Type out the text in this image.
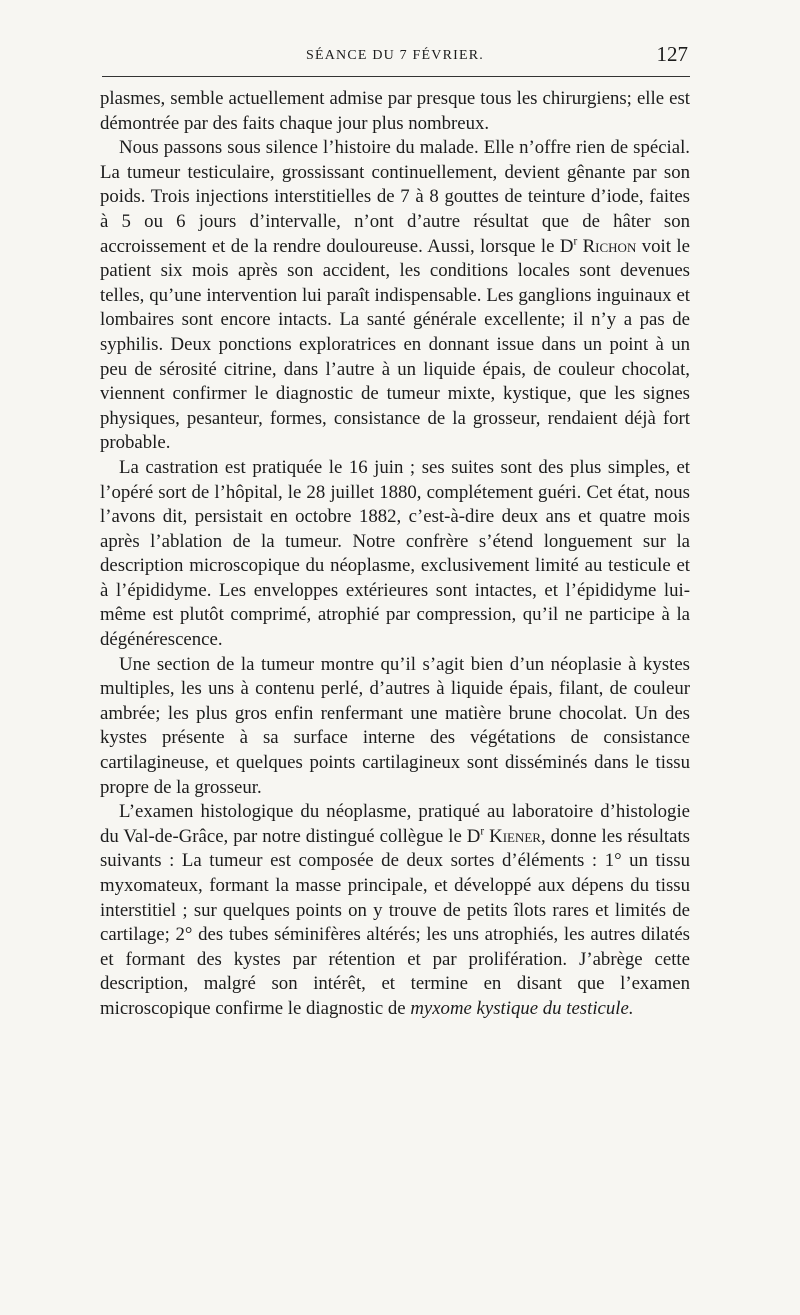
SÉANCE DU 7 FÉVRIER.	127

plasmes, semble actuellement admise par presque tous les chirurgiens; elle est démontrée par des faits chaque jour plus nombreux.

Nous passons sous silence l’histoire du malade. Elle n’offre rien de spécial. La tumeur testiculaire, grossissant continuellement, devient gênante par son poids. Trois injections interstitielles de 7 à 8 gouttes de teinture d’iode, faites à 5 ou 6 jours d’intervalle, n’ont d’autre résultat que de hâter son accroissement et de la rendre douloureuse. Aussi, lorsque le $D^r$ Richon voit le patient six mois après son accident, les conditions locales sont devenues telles, qu’une intervention lui paraît indispensable. Les ganglions inguinaux et lombaires sont encore intacts. La santé générale excellente; il n’y a pas de syphilis. Deux ponctions exploratrices en donnant issue dans un point à un peu de sérosité citrine, dans l’autre à un liquide épais, de couleur chocolat, viennent confirmer le diagnostic de tumeur mixte, kystique, que les signes physiques, pesanteur, formes, consistance de la grosseur, rendaient déjà fort probable.

La castration est pratiquée le 16 juin ; ses suites sont des plus simples, et l’opéré sort de l’hôpital, le 28 juillet 1880, complétement guéri. Cet état, nous l’avons dit, persistait en octobre 1882, c’est-à-dire deux ans et quatre mois après l’ablation de la tumeur. Notre confrère s’étend longuement sur la description microscopique du néoplasme, exclusivement limité au testicule et à l’épididyme. Les enveloppes extérieures sont intactes, et l’épididyme lui-même est plutôt comprimé, atrophié par compression, qu’il ne participe à la dégénérescence.

Une section de la tumeur montre qu’il s’agit bien d’un néoplasie à kystes multiples, les uns à contenu perlé, d’autres à liquide épais, filant, de couleur ambrée; les plus gros enfin renfermant une matière brune chocolat. Un des kystes présente à sa surface interne des végétations de consistance cartilagineuse, et quelques points cartilagineux sont disséminés dans le tissu propre de la grosseur.

L’examen histologique du néoplasme, pratiqué au laboratoire d’histologie du Val-de-Grâce, par notre distingué collègue le $D^r$ Kiener, donne les résultats suivants : La tumeur est composée de deux sortes d’éléments : 1° un tissu myxomateux, formant la masse principale, et développé aux dépens du tissu interstitiel ; sur quelques points on y trouve de petits îlots rares et limités de cartilage; 2° des tubes séminifères altérés; les uns atrophiés, les autres dilatés et formant des kystes par rétention et par prolifération. J’abrège cette description, malgré son intérêt, et termine en disant que l’examen microscopique confirme le diagnostic de myxome kystique du testicule.
